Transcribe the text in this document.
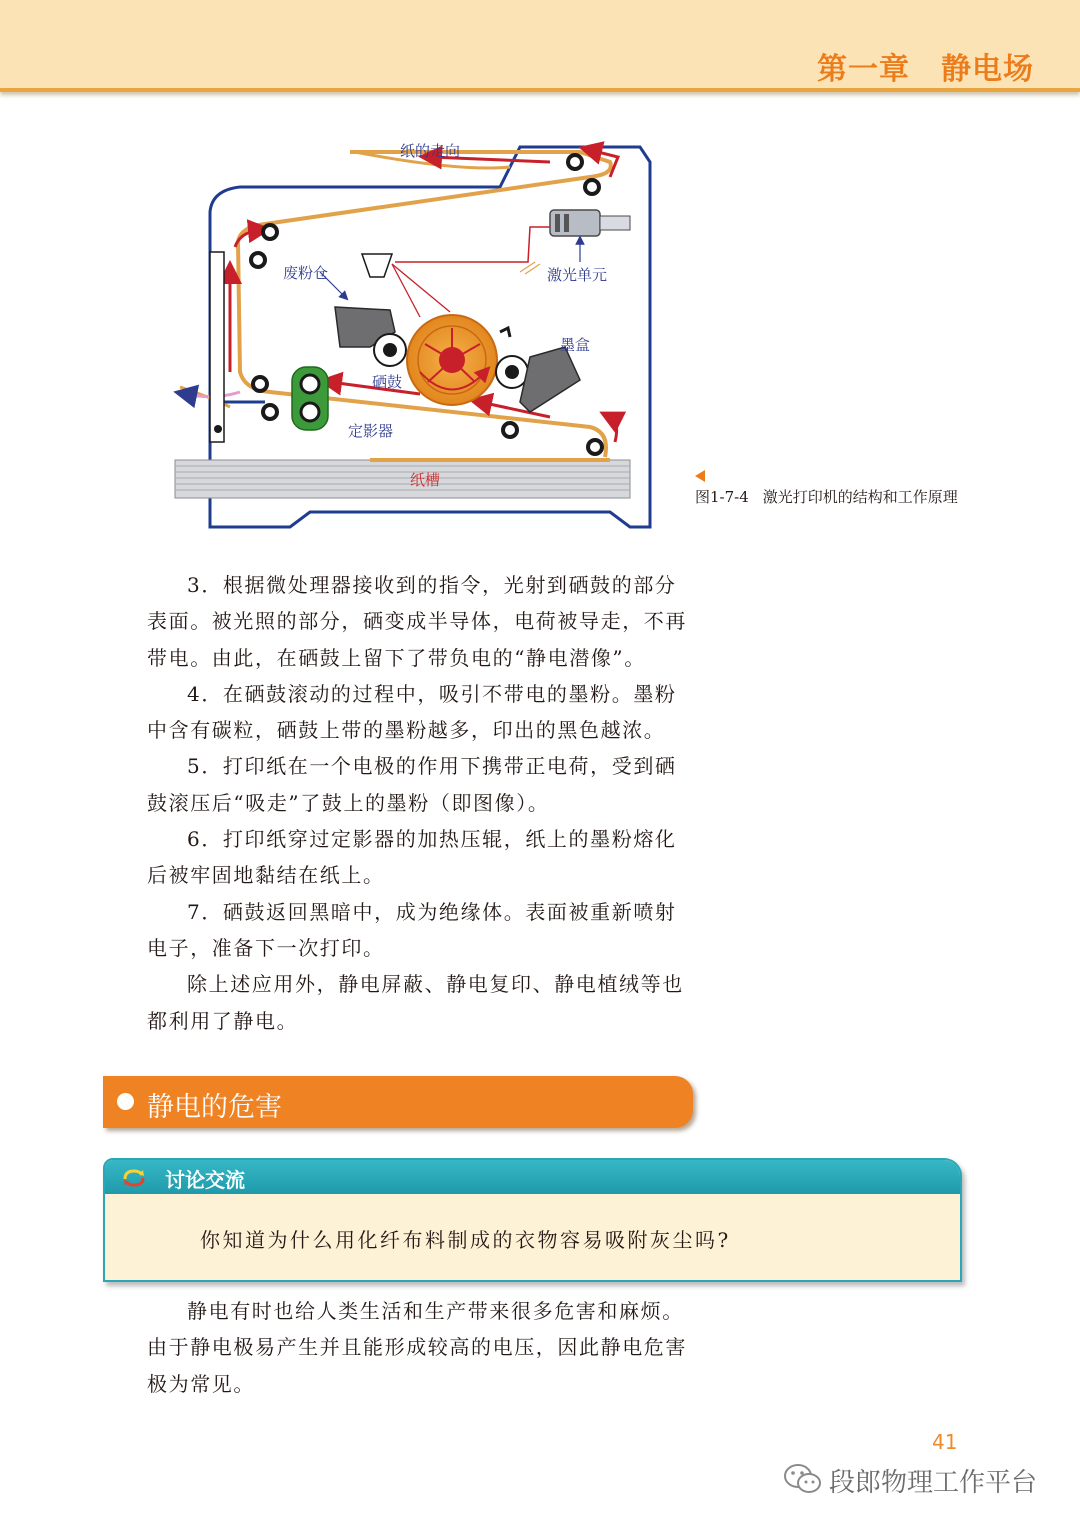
第一章　静电场
纸的走向
激光单元
废粉仓
墨盒
硒鼓
定影器
纸槽
图1-7-4 激光打印机的结构和工作原理

3．根据微处理器接收到的指令，光射到硒鼓的部分表面。被光照的部分，硒变成半导体，电荷被导走，不再带电。由此，在硒鼓上留下了带负电的“静电潜像”。

4．在硒鼓滚动的过程中，吸引不带电的墨粉。墨粉中含有碳粒，硒鼓上带的墨粉越多，印出的黑色越浓。

5．打印纸在一个电极的作用下携带正电荷，受到硒鼓滚压后“吸走”了鼓上的墨粉（即图像）。

6．打印纸穿过定影器的加热压辊，纸上的墨粉熔化后被牢固地黏结在纸上。

7．硒鼓返回黑暗中，成为绝缘体。表面被重新喷射电子，准备下一次打印。

除上述应用外，静电屏蔽、静电复印、静电植绒等也都利用了静电。

静电的危害
讨论交流
你知道为什么用化纤布料制成的衣物容易吸附灰尘吗?

静电有时也给人类生活和生产带来很多危害和麻烦。由于静电极易产生并且能形成较高的电压，因此静电危害极为常见。

41
段郎物理工作平台
